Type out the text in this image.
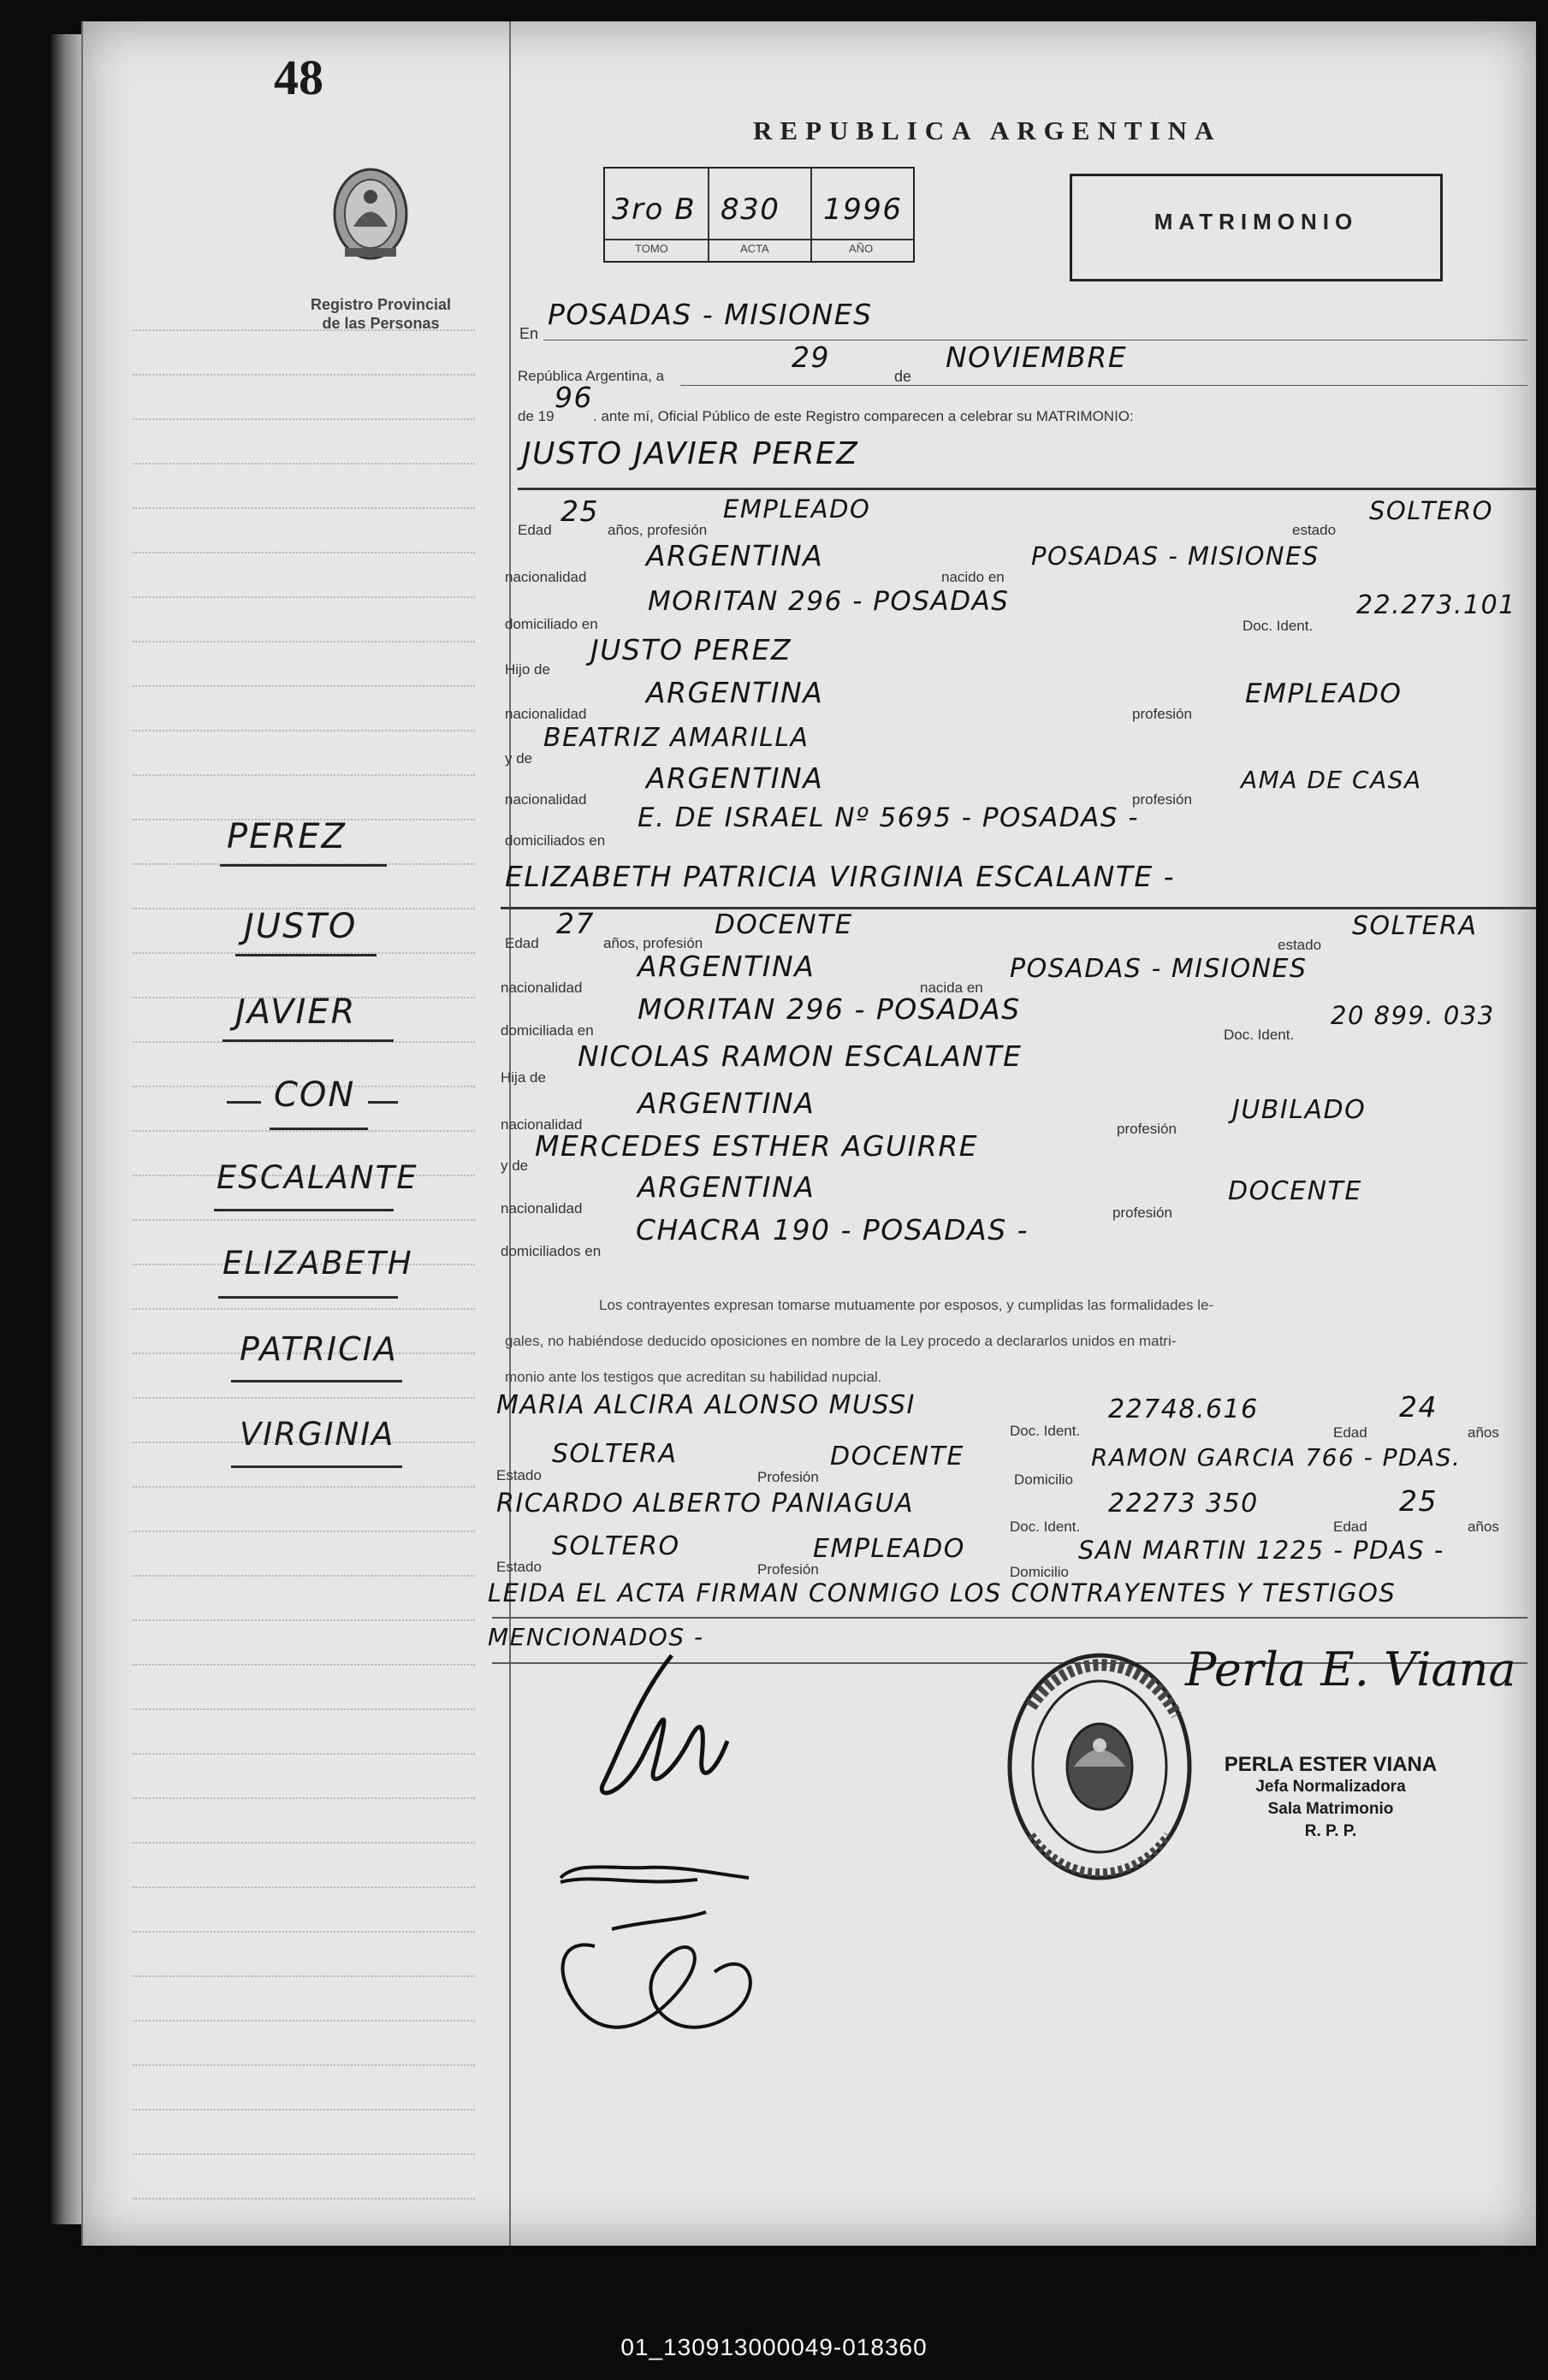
48
Registro Provincial
de las Personas
REPUBLICA ARGENTINA
3ro B 830 1996
TOMO	ACTA	AÑO
MATRIMONIO
En
POSADAS - MISIONES
República Argentina, a
29
de
NOVIEMBRE
de 19
96
. ante mí, Oficial Público de este Registro comparecen a celebrar su MATRIMONIO:
JUSTO JAVIER PEREZ
Edad
25
años, profesión
EMPLEADO
estado
SOLTERO
nacionalidad
ARGENTINA
nacido en
POSADAS - MISIONES
domiciliado en
MORITAN 296 - POSADAS
Doc. Ident.
22.273.101
Hijo de
JUSTO PEREZ
nacionalidad
ARGENTINA
profesión
EMPLEADO
y de
BEATRIZ AMARILLA
nacionalidad
ARGENTINA
profesión
AMA DE CASA
domiciliados en
E. DE ISRAEL Nº 5695 - POSADAS -
ELIZABETH PATRICIA VIRGINIA ESCALANTE -
Edad
27
años, profesión
DOCENTE
estado
SOLTERA
nacionalidad
ARGENTINA
nacida en
POSADAS - MISIONES
domiciliada en
MORITAN 296 - POSADAS
Doc. Ident.
20 899. 033
Hija de
NICOLAS RAMON ESCALANTE
nacionalidad
ARGENTINA
profesión
JUBILADO
y de
MERCEDES ESTHER AGUIRRE
nacionalidad
ARGENTINA
profesión
DOCENTE
domiciliados en
CHACRA 190 - POSADAS -
Los contrayentes expresan tomarse mutuamente por esposos, y cumplidas las formalidades le-
gales, no habiéndose deducido oposiciones en nombre de la Ley procedo a declararlos unidos en matri-
monio ante los testigos que acreditan su habilidad nupcial.
MARIA ALCIRA ALONSO MUSSI
Doc. Ident.
22748.616
Edad
24
años
Estado
SOLTERA
Profesión
DOCENTE
Domicilio
RAMON GARCIA 766 - PDAS.
RICARDO ALBERTO PANIAGUA
Doc. Ident.
22273 350
Edad
25
años
Estado
SOLTERO
Profesión
EMPLEADO
Domicilio
SAN MARTIN 1225 - PDAS -
LEIDA EL ACTA FIRMAN CONMIGO LOS CONTRAYENTES Y TESTIGOS
MENCIONADOS -
PEREZ
JUSTO
JAVIER
CON
ESCALANTE
ELIZABETH
PATRICIA
VIRGINIA
Perla E. Viana
PERLA ESTER VIANA
Jefa Normalizadora
Sala Matrimonio
R. P. P.
01_130913000049-018360
